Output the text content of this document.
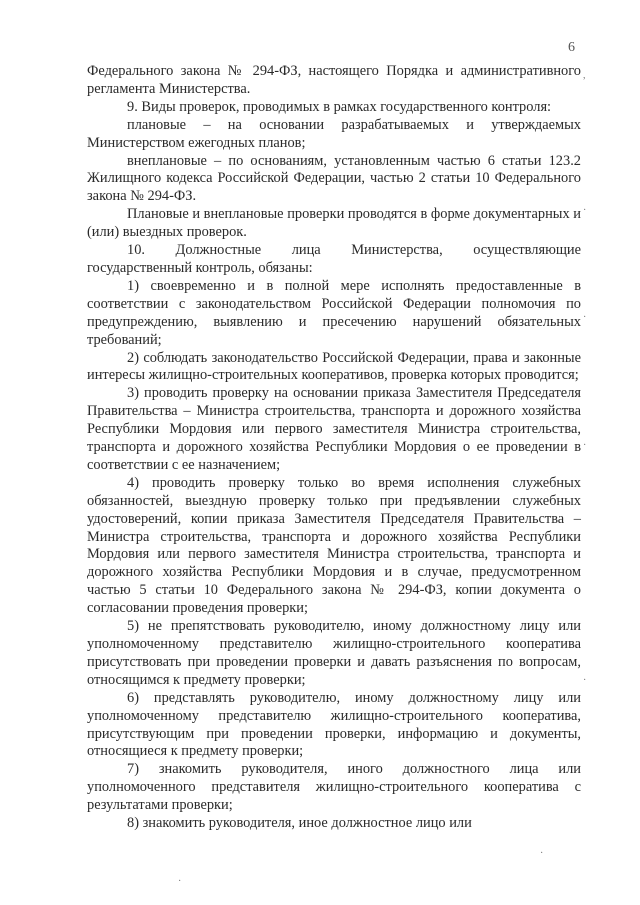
6

Федерального закона № 294-ФЗ, настоящего Порядка и административного регламента Министерства.

9. Виды проверок, проводимых в рамках государственного контроля:

плановые – на основании разрабатываемых и утверждаемых Министерством ежегодных планов;

внеплановые – по основаниям, установленным частью 6 статьи 123.2 Жилищного кодекса Российской Федерации, частью 2 статьи 10 Федерального закона № 294-ФЗ.

Плановые и внеплановые проверки проводятся в форме документарных и (или) выездных проверок.

10. Должностные лица Министерства, осуществляющие государственный контроль, обязаны:

1) своевременно и в полной мере исполнять предоставленные в соответствии с законодательством Российской Федерации полномочия по предупреждению, выявлению и пресечению нарушений обязательных требований;

2) соблюдать законодательство Российской Федерации, права и законные интересы жилищно-строительных кооперативов, проверка которых проводится;

3) проводить проверку на основании приказа Заместителя Председателя Правительства – Министра строительства, транспорта и дорожного хозяйства Республики Мордовия или первого заместителя Министра строительства, транспорта и дорожного хозяйства Республики Мордовия о ее проведении в соответствии с ее назначением;

4) проводить проверку только во время исполнения служебных обязанностей, выездную проверку только при предъявлении служебных удостоверений, копии приказа Заместителя Председателя Правительства – Министра строительства, транспорта и дорожного хозяйства Республики Мордовия или первого заместителя Министра строительства, транспорта и дорожного хозяйства Республики Мордовия и в случае, предусмотренном частью 5 статьи 10 Федерального закона № 294-ФЗ, копии документа о согласовании проведения проверки;

5) не препятствовать руководителю, иному должностному лицу или уполномоченному представителю жилищно-строительного кооператива присутствовать при проведении проверки и давать разъяснения по вопросам, относящимся к предмету проверки;

6) представлять руководителю, иному должностному лицу или уполномоченному представителю жилищно-строительного кооператива, присутствующим при проведении проверки, информацию и документы, относящиеся к предмету проверки;

7) знакомить руководителя, иного должностного лица или уполномоченного представителя жилищно-строительного кооператива с результатами проверки;

8) знакомить руководителя, иное должностное лицо или

,
·
·
·
·
·
·
